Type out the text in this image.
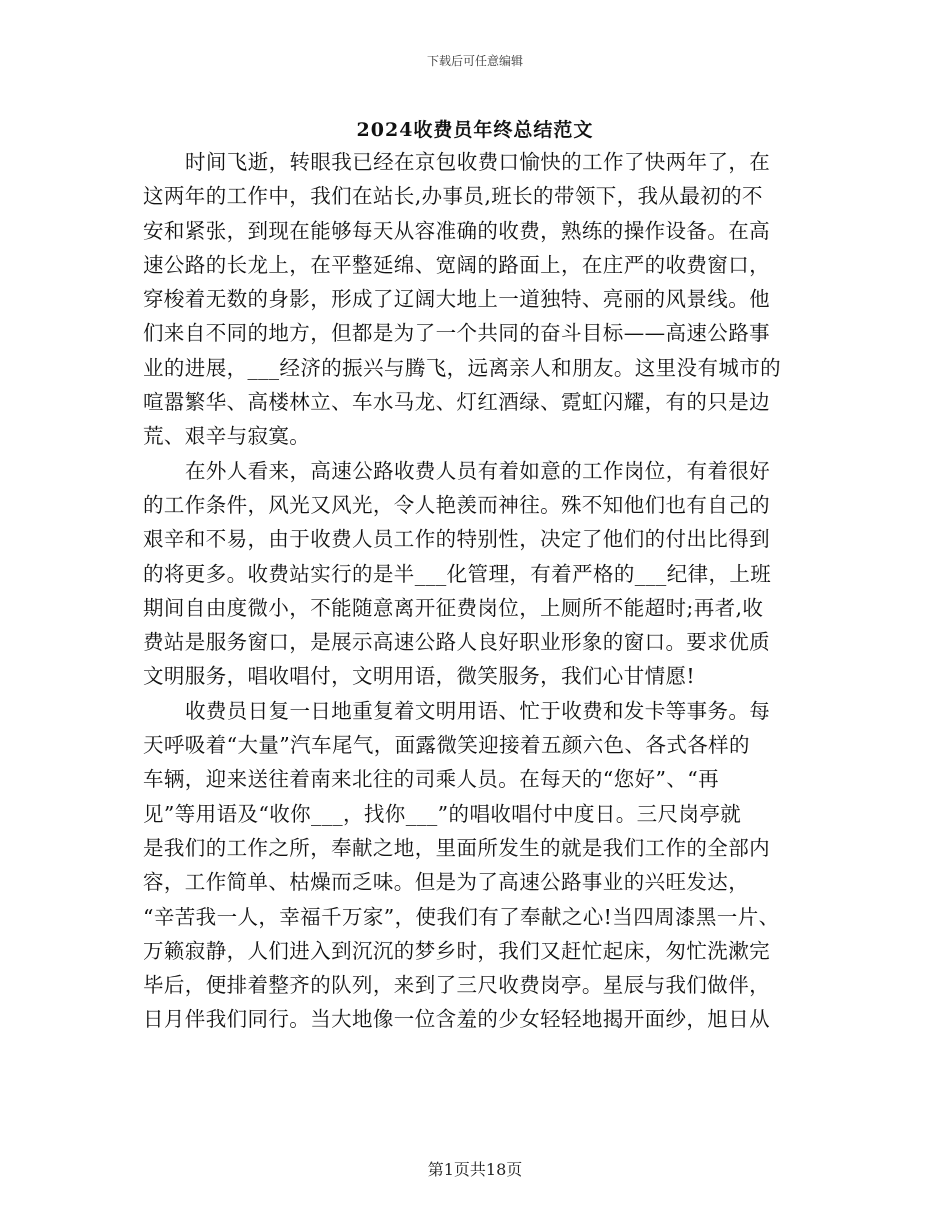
下载后可任意编辑
2024收费员年终总结范文
时间飞逝，转眼我已经在京包收费口愉快的工作了快两年了，在
这两年的工作中，我们在站长,办事员,班长的带领下，我从最初的不
安和紧张，到现在能够每天从容准确的收费，熟练的操作设备。在高
速公路的长龙上，在平整延绵、宽阔的路面上，在庄严的收费窗口，
穿梭着无数的身影，形成了辽阔大地上一道独特、亮丽的风景线。他
们来自不同的地方，但都是为了一个共同的奋斗目标——高速公路事
业的进展，___经济的振兴与腾飞，远离亲人和朋友。这里没有城市的
喧嚣繁华、高楼林立、车水马龙、灯红酒绿、霓虹闪耀，有的只是边
荒、艰辛与寂寞。
在外人看来，高速公路收费人员有着如意的工作岗位，有着很好
的工作条件，风光又风光，令人艳羡而神往。殊不知他们也有自己的
艰辛和不易，由于收费人员工作的特别性，决定了他们的付出比得到
的将更多。收费站实行的是半___化管理，有着严格的___纪律，上班
期间自由度微小，不能随意离开征费岗位，上厕所不能超时;再者,收
费站是服务窗口，是展示高速公路人良好职业形象的窗口。要求优质
文明服务，唱收唱付，文明用语，微笑服务，我们心甘情愿!
收费员日复一日地重复着文明用语、忙于收费和发卡等事务。每
天呼吸着“大量”汽车尾气，面露微笑迎接着五颜六色、各式各样的
车辆，迎来送往着南来北往的司乘人员。在每天的“您好”、“再
见”等用语及“收你___，找你___”的唱收唱付中度日。三尺岗亭就
是我们的工作之所，奉献之地，里面所发生的就是我们工作的全部内
容，工作简单、枯燥而乏味。但是为了高速公路事业的兴旺发达，
“辛苦我一人，幸福千万家”，使我们有了奉献之心!当四周漆黑一片、
万籁寂静，人们进入到沉沉的梦乡时，我们又赶忙起床，匆忙洗漱完
毕后，便排着整齐的队列，来到了三尺收费岗亭。星辰与我们做伴，
日月伴我们同行。当大地像一位含羞的少女轻轻地揭开面纱，旭日从
第1页共18页
